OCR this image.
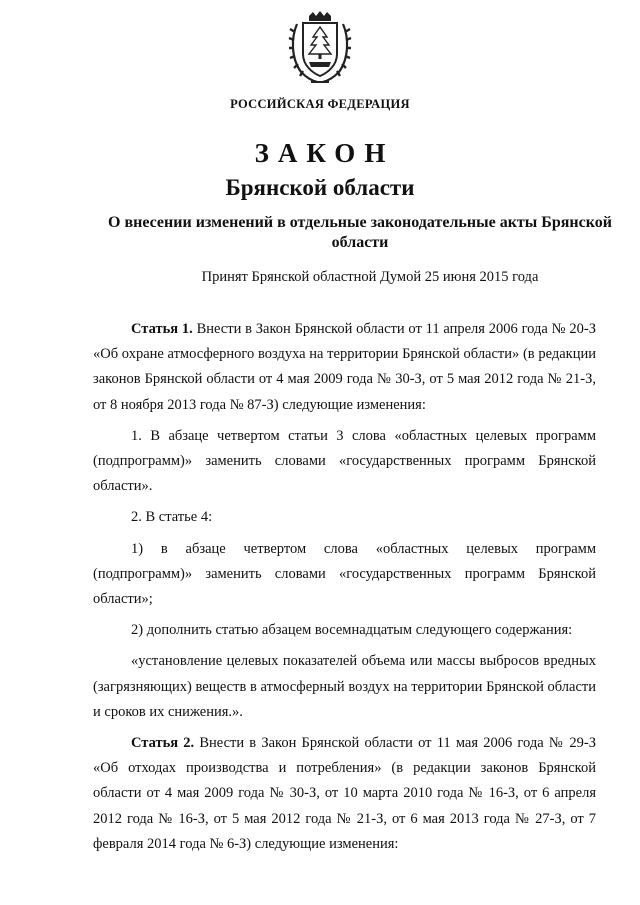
РОССИЙСКАЯ ФЕДЕРАЦИЯ
ЗАКОН
Брянской области
О внесении изменений в отдельные законодательные акты Брянской области
Принят Брянской областной Думой 25 июня 2015 года

Статья 1. Внести в Закон Брянской области от 11 апреля 2006 года № 20-З «Об охране атмосферного воздуха на территории Брянской области» (в редакции законов Брянской области от 4 мая 2009 года № 30-З, от 5 мая 2012 года № 21-З, от 8 ноября 2013 года № 87-З) следующие изменения:

1. В абзаце четвертом статьи 3 слова «областных целевых программ (подпрограмм)» заменить словами «государственных программ Брянской области».

2. В статье 4:

1) в абзаце четвертом слова «областных целевых программ (подпрограмм)» заменить словами «государственных программ Брянской области»;

2) дополнить статью абзацем восемнадцатым следующего содержания:

«установление целевых показателей объема или массы выбросов вредных (загрязняющих) веществ в атмосферный воздух на территории Брянской области и сроков их снижения.».

Статья 2. Внести в Закон Брянской области от 11 мая 2006 года № 29-З «Об отходах производства и потребления» (в редакции законов Брянской области от 4 мая 2009 года № 30-З, от 10 марта 2010 года № 16-З, от 6 апреля 2012 года № 16-З, от 5 мая 2012 года № 21-З, от 6 мая 2013 года № 27-З, от 7 февраля 2014 года № 6-З) следующие изменения:
